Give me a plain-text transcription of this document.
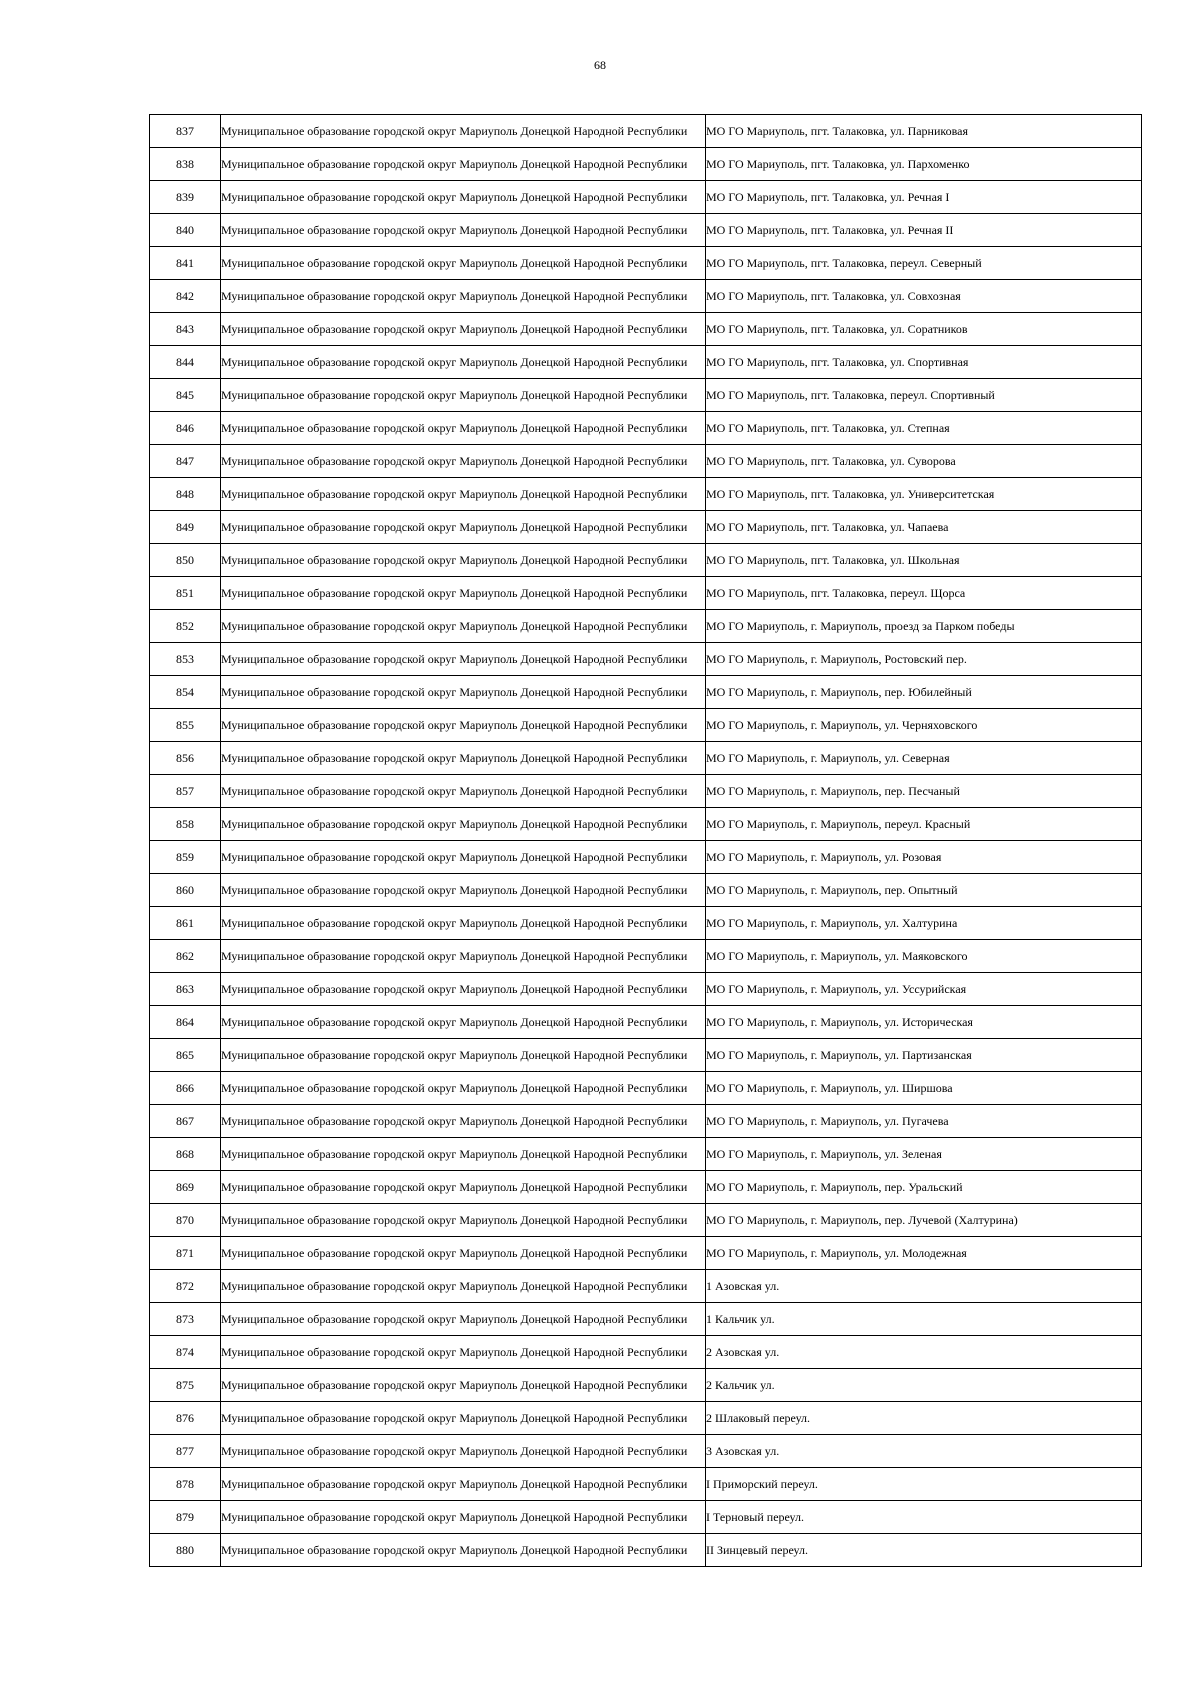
68
837	Муниципальное образование городской округ Мариуполь Донецкой Народной Республики	МО ГО Мариуполь, пгт. Талаковка, ул. Парниковая
838	Муниципальное образование городской округ Мариуполь Донецкой Народной Республики	МО ГО Мариуполь, пгт. Талаковка, ул. Пархоменко
839	Муниципальное образование городской округ Мариуполь Донецкой Народной Республики	МО ГО Мариуполь, пгт. Талаковка, ул. Речная I
840	Муниципальное образование городской округ Мариуполь Донецкой Народной Республики	МО ГО Мариуполь, пгт. Талаковка, ул. Речная II
841	Муниципальное образование городской округ Мариуполь Донецкой Народной Республики	МО ГО Мариуполь, пгт. Талаковка, переул. Северный
842	Муниципальное образование городской округ Мариуполь Донецкой Народной Республики	МО ГО Мариуполь, пгт. Талаковка, ул. Совхозная
843	Муниципальное образование городской округ Мариуполь Донецкой Народной Республики	МО ГО Мариуполь, пгт. Талаковка, ул. Соратников
844	Муниципальное образование городской округ Мариуполь Донецкой Народной Республики	МО ГО Мариуполь, пгт. Талаковка, ул. Спортивная
845	Муниципальное образование городской округ Мариуполь Донецкой Народной Республики	МО ГО Мариуполь, пгт. Талаковка, переул. Спортивный
846	Муниципальное образование городской округ Мариуполь Донецкой Народной Республики	МО ГО Мариуполь, пгт. Талаковка, ул. Степная
847	Муниципальное образование городской округ Мариуполь Донецкой Народной Республики	МО ГО Мариуполь, пгт. Талаковка, ул. Суворова
848	Муниципальное образование городской округ Мариуполь Донецкой Народной Республики	МО ГО Мариуполь, пгт. Талаковка, ул. Университетская
849	Муниципальное образование городской округ Мариуполь Донецкой Народной Республики	МО ГО Мариуполь, пгт. Талаковка, ул. Чапаева
850	Муниципальное образование городской округ Мариуполь Донецкой Народной Республики	МО ГО Мариуполь, пгт. Талаковка, ул. Школьная
851	Муниципальное образование городской округ Мариуполь Донецкой Народной Республики	МО ГО Мариуполь, пгт. Талаковка, переул. Щорса
852	Муниципальное образование городской округ Мариуполь Донецкой Народной Республики	МО ГО Мариуполь, г. Мариуполь, проезд за Парком победы
853	Муниципальное образование городской округ Мариуполь Донецкой Народной Республики	МО ГО Мариуполь, г. Мариуполь, Ростовский пер.
854	Муниципальное образование городской округ Мариуполь Донецкой Народной Республики	МО ГО Мариуполь, г. Мариуполь, пер. Юбилейный
855	Муниципальное образование городской округ Мариуполь Донецкой Народной Республики	МО ГО Мариуполь, г. Мариуполь, ул. Черняховского
856	Муниципальное образование городской округ Мариуполь Донецкой Народной Республики	МО ГО Мариуполь, г. Мариуполь, ул. Северная
857	Муниципальное образование городской округ Мариуполь Донецкой Народной Республики	МО ГО Мариуполь, г. Мариуполь, пер. Песчаный
858	Муниципальное образование городской округ Мариуполь Донецкой Народной Республики	МО ГО Мариуполь, г. Мариуполь, переул. Красный
859	Муниципальное образование городской округ Мариуполь Донецкой Народной Республики	МО ГО Мариуполь, г. Мариуполь, ул. Розовая
860	Муниципальное образование городской округ Мариуполь Донецкой Народной Республики	МО ГО Мариуполь, г. Мариуполь, пер. Опытный
861	Муниципальное образование городской округ Мариуполь Донецкой Народной Республики	МО ГО Мариуполь, г. Мариуполь, ул. Халтурина
862	Муниципальное образование городской округ Мариуполь Донецкой Народной Республики	МО ГО Мариуполь, г. Мариуполь, ул. Маяковского
863	Муниципальное образование городской округ Мариуполь Донецкой Народной Республики	МО ГО Мариуполь, г. Мариуполь, ул. Уссурийская
864	Муниципальное образование городской округ Мариуполь Донецкой Народной Республики	МО ГО Мариуполь, г. Мариуполь, ул. Историческая
865	Муниципальное образование городской округ Мариуполь Донецкой Народной Республики	МО ГО Мариуполь, г. Мариуполь, ул. Партизанская
866	Муниципальное образование городской округ Мариуполь Донецкой Народной Республики	МО ГО Мариуполь, г. Мариуполь, ул. Ширшова
867	Муниципальное образование городской округ Мариуполь Донецкой Народной Республики	МО ГО Мариуполь, г. Мариуполь, ул. Пугачева
868	Муниципальное образование городской округ Мариуполь Донецкой Народной Республики	МО ГО Мариуполь, г. Мариуполь, ул. Зеленая
869	Муниципальное образование городской округ Мариуполь Донецкой Народной Республики	МО ГО Мариуполь, г. Мариуполь, пер. Уральский
870	Муниципальное образование городской округ Мариуполь Донецкой Народной Республики	МО ГО Мариуполь, г. Мариуполь, пер. Лучевой (Халтурина)
871	Муниципальное образование городской округ Мариуполь Донецкой Народной Республики	МО ГО Мариуполь, г. Мариуполь, ул. Молодежная
872	Муниципальное образование городской округ Мариуполь Донецкой Народной Республики	1 Азовская ул.
873	Муниципальное образование городской округ Мариуполь Донецкой Народной Республики	1 Кальчик ул.
874	Муниципальное образование городской округ Мариуполь Донецкой Народной Республики	2 Азовская ул.
875	Муниципальное образование городской округ Мариуполь Донецкой Народной Республики	2 Кальчик ул.
876	Муниципальное образование городской округ Мариуполь Донецкой Народной Республики	2 Шлаковый переул.
877	Муниципальное образование городской округ Мариуполь Донецкой Народной Республики	3 Азовская ул.
878	Муниципальное образование городской округ Мариуполь Донецкой Народной Республики	I Приморский переул.
879	Муниципальное образование городской округ Мариуполь Донецкой Народной Республики	I Терновый переул.
880	Муниципальное образование городской округ Мариуполь Донецкой Народной Республики	II Зинцевый переул.
